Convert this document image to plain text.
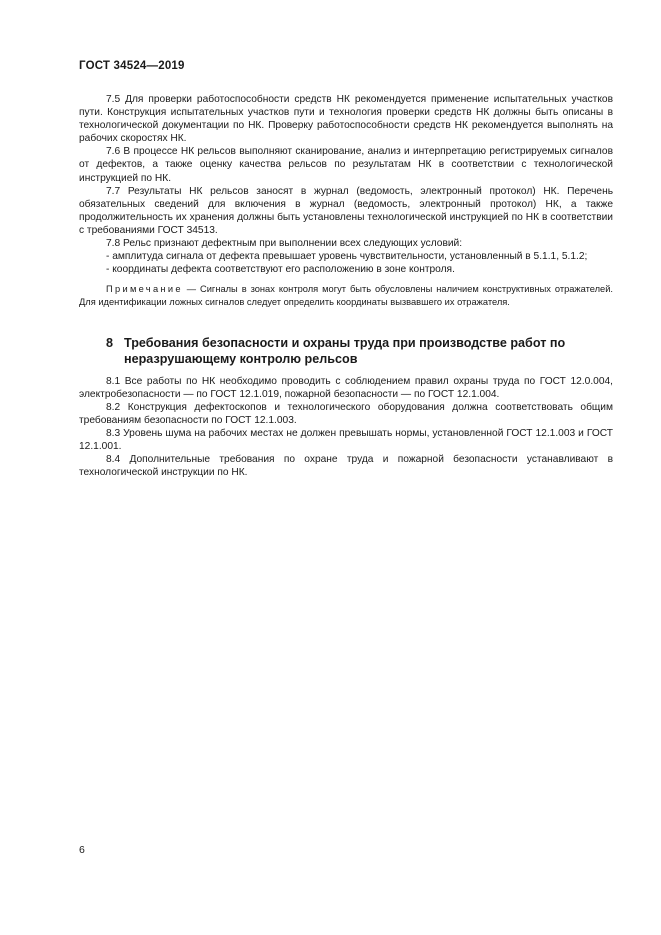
ГОСТ 34524—2019

7.5 Для проверки работоспособности средств НК рекомендуется применение испытательных участков пути. Конструкция испытательных участков пути и технология проверки средств НК должны быть описаны в технологической документации по НК. Проверку работоспособности средств НК рекомендуется выполнять на рабочих скоростях НК.

7.6 В процессе НК рельсов выполняют сканирование, анализ и интерпретацию регистрируемых сигналов от дефектов, а также оценку качества рельсов по результатам НК в соответствии с технологической инструкцией по НК.

7.7 Результаты НК рельсов заносят в журнал (ведомость, электронный протокол) НК. Перечень обязательных сведений для включения в журнал (ведомость, электронный протокол) НК, а также продолжительность их хранения должны быть установлены технологической инструкцией по НК в соответствии с требованиями ГОСТ 34513.

7.8 Рельс признают дефектным при выполнении всех следующих условий:

- амплитуда сигнала от дефекта превышает уровень чувствительности, установленный в 5.1.1, 5.1.2;

- координаты дефекта соответствуют его расположению в зоне контроля.

Примечание — Сигналы в зонах контроля могут быть обусловлены наличием конструктивных отражателей. Для идентификации ложных сигналов следует определить координаты вызвавшего их отражателя.

8 Требования безопасности и охраны труда при производстве работ по неразрушающему контролю рельсов

8.1 Все работы по НК необходимо проводить с соблюдением правил охраны труда по ГОСТ 12.0.004, электробезопасности — по ГОСТ 12.1.019, пожарной безопасности — по ГОСТ 12.1.004.

8.2 Конструкция дефектоскопов и технологического оборудования должна соответствовать общим требованиям безопасности по ГОСТ 12.1.003.

8.3 Уровень шума на рабочих местах не должен превышать нормы, установленной ГОСТ 12.1.003 и ГОСТ 12.1.001.

8.4 Дополнительные требования по охране труда и пожарной безопасности устанавливают в технологической инструкции по НК.

6
